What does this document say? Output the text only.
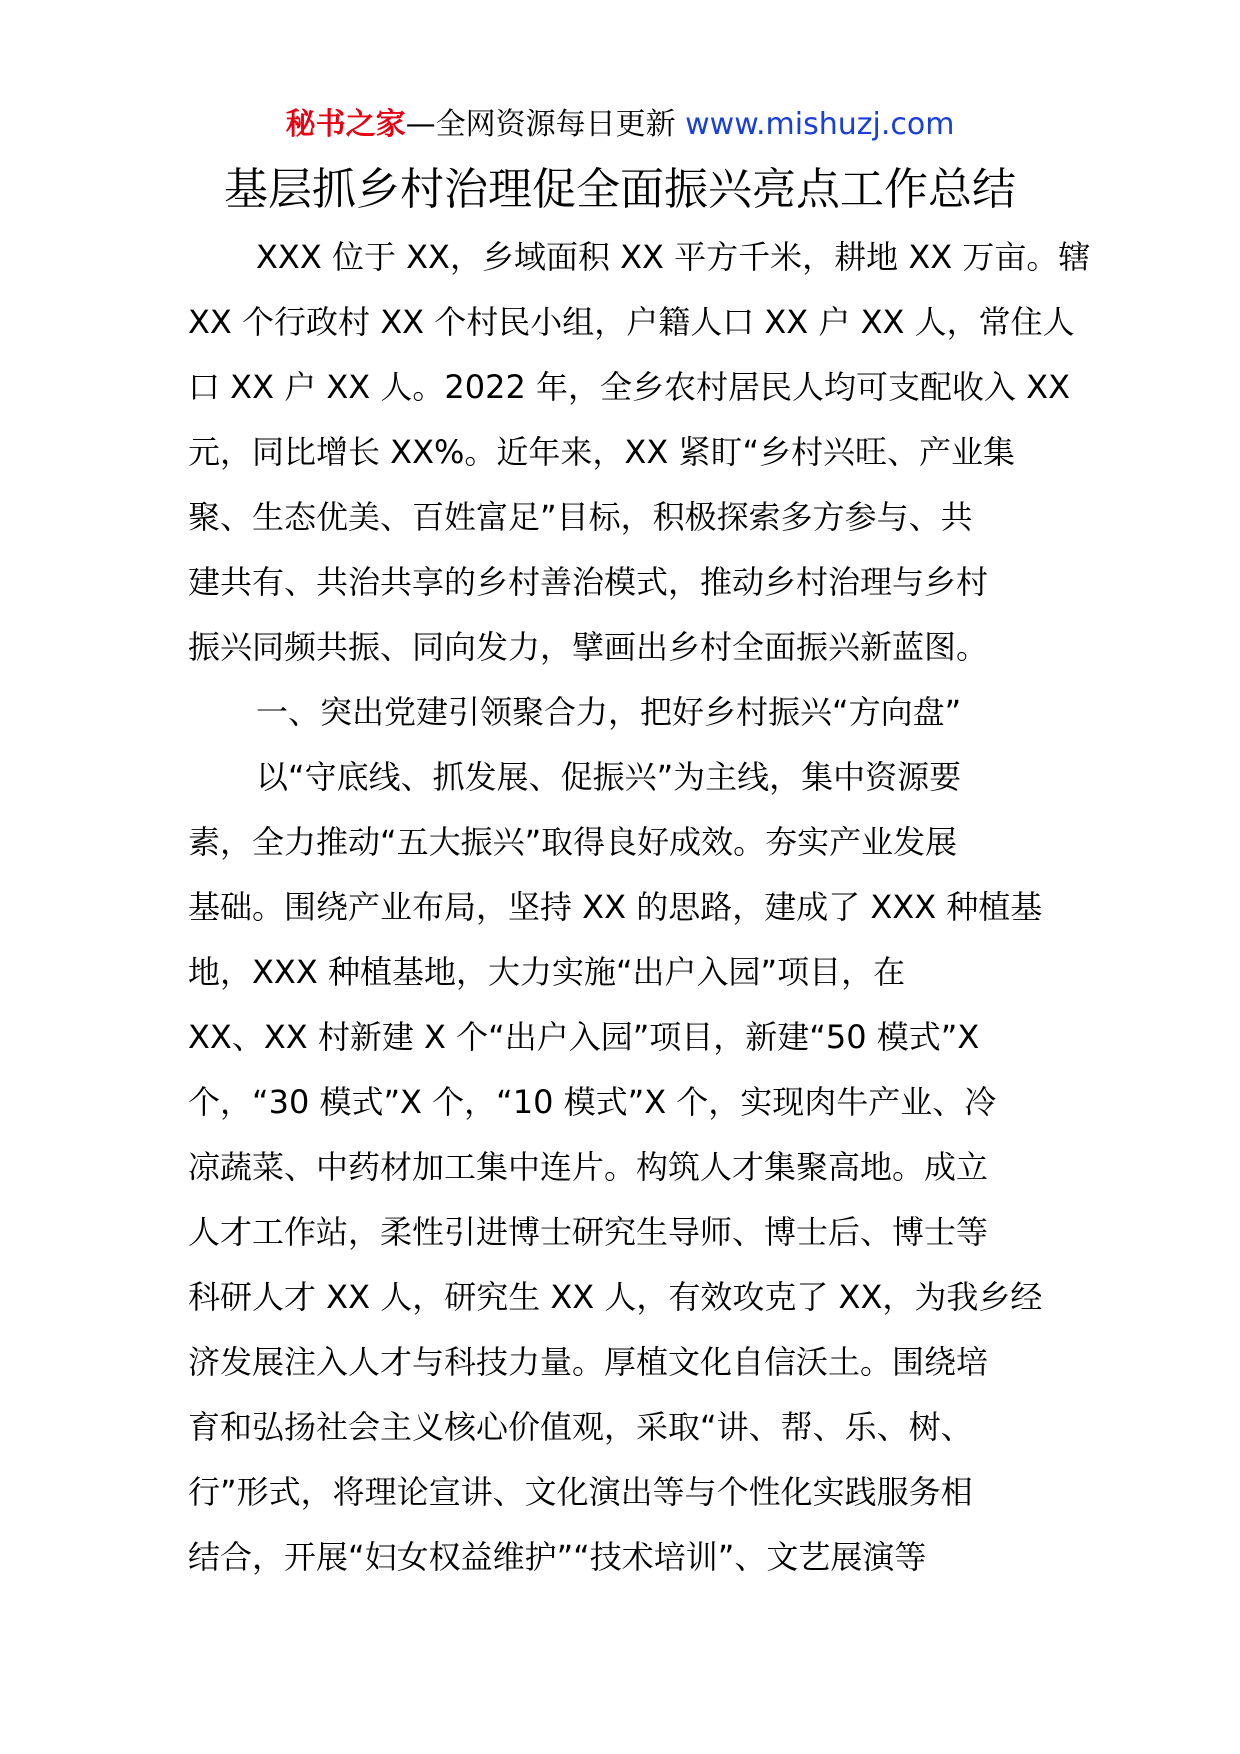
秘书之家—全网资源每日更新 www.mishuzj.com
基层抓乡村治理促全面振兴亮点工作总结
XXX 位于 XX，乡域面积 XX 平方千米，耕地 XX 万亩。辖
XX 个行政村 XX 个村民小组，户籍人口 XX 户 XX 人，常住人
口 XX 户 XX 人。2022 年，全乡农村居民人均可支配收入 XX
元，同比增长 XX%。近年来，XX 紧盯“乡村兴旺、产业集
聚、生态优美、百姓富足”目标，积极探索多方参与、共
建共有、共治共享的乡村善治模式，推动乡村治理与乡村
振兴同频共振、同向发力，擘画出乡村全面振兴新蓝图。
一、突出党建引领聚合力，把好乡村振兴“方向盘”
以“守底线、抓发展、促振兴”为主线，集中资源要
素，全力推动“五大振兴”取得良好成效。夯实产业发展
基础。围绕产业布局，坚持 XX 的思路，建成了 XXX 种植基
地，XXX 种植基地，大力实施“出户入园”项目，在
XX、XX 村新建 X 个“出户入园”项目，新建“50 模式”X
个，“30 模式”X 个，“10 模式”X 个，实现肉牛产业、冷
凉蔬菜、中药材加工集中连片。构筑人才集聚高地。成立
人才工作站，柔性引进博士研究生导师、博士后、博士等
科研人才 XX 人，研究生 XX 人，有效攻克了 XX，为我乡经
济发展注入人才与科技力量。厚植文化自信沃土。围绕培
育和弘扬社会主义核心价值观，采取“讲、帮、乐、树、
行”形式，将理论宣讲、文化演出等与个性化实践服务相
结合，开展“妇女权益维护”“技术培训”、文艺展演等
